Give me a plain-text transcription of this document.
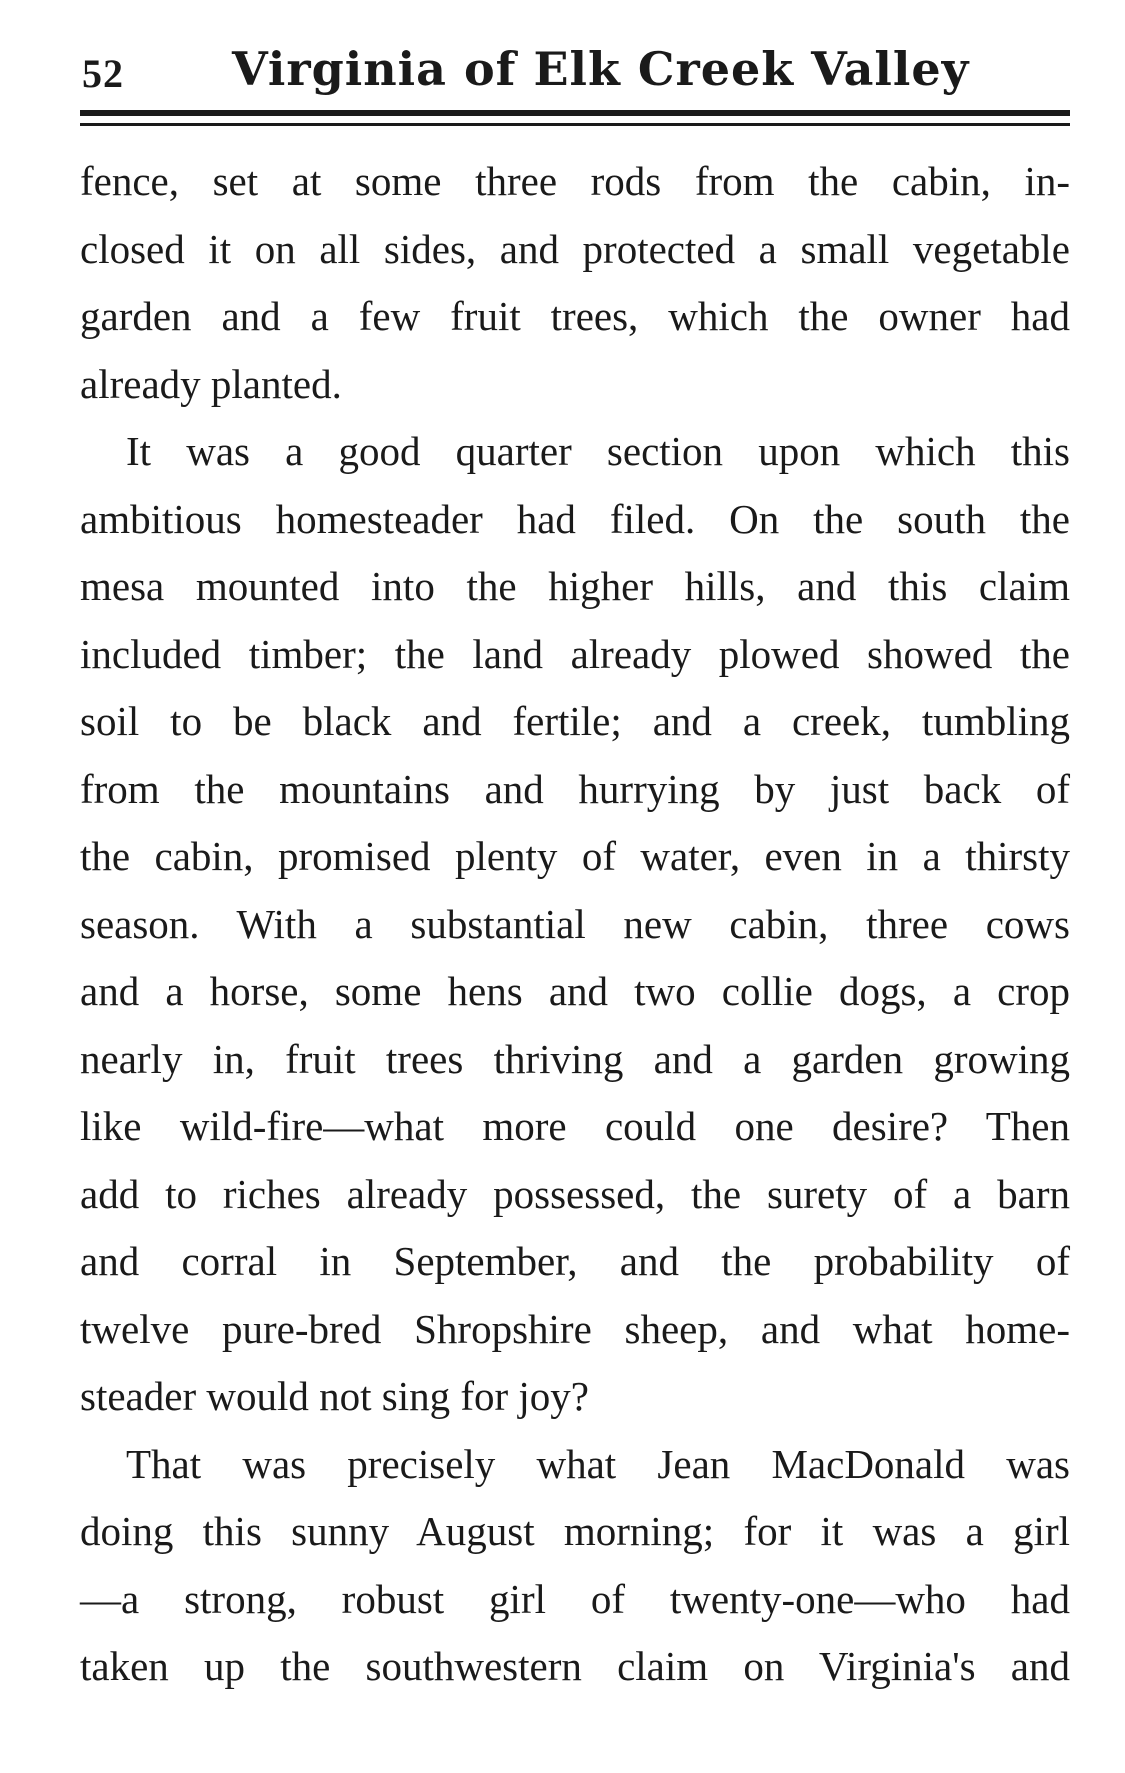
52 Virginia of Elk Creek Valley
fence, set at some three rods from the cabin, in-
closed it on all sides, and protected a small vegetable
garden and a few fruit trees, which the owner had
already planted.
It was a good quarter section upon which this
ambitious homesteader had filed. On the south the
mesa mounted into the higher hills, and this claim
included timber; the land already plowed showed the
soil to be black and fertile; and a creek, tumbling
from the mountains and hurrying by just back of
the cabin, promised plenty of water, even in a thirsty
season. With a substantial new cabin, three cows
and a horse, some hens and two collie dogs, a crop
nearly in, fruit trees thriving and a garden growing
like wild-fire—what more could one desire? Then
add to riches already possessed, the surety of a barn
and corral in September, and the probability of
twelve pure-bred Shropshire sheep, and what home-
steader would not sing for joy?
That was precisely what Jean MacDonald was
doing this sunny August morning; for it was a girl
—a strong, robust girl of twenty-one—who had
taken up the southwestern claim on Virginia's and
